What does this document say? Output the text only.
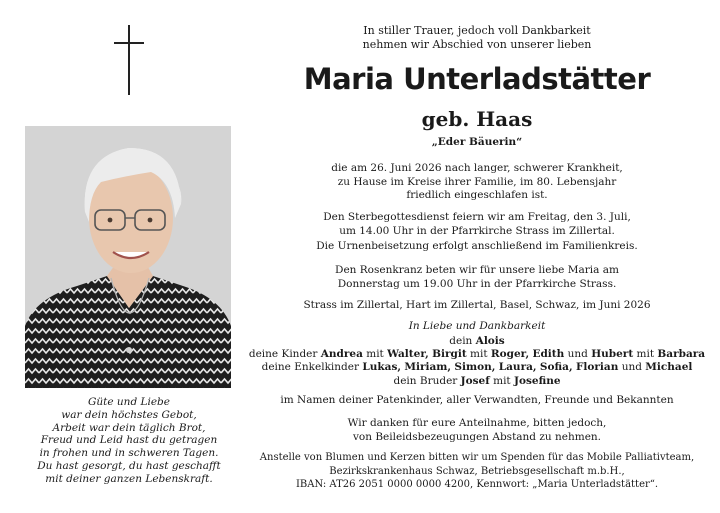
Güte und Liebe
war dein höchstes Gebot,
Arbeit war dein täglich Brot,
Freud und Leid hast du getragen
in frohen und in schweren Tagen.
Du hast gesorgt, du hast geschafft
mit deiner ganzen Lebenskraft.
In stiller Trauer, jedoch voll Dankbarkeit
nehmen wir Abschied von unserer lieben
Maria Unterladstätter
geb. Haas
„Eder Bäuerin“
die am 26. Juni 2026 nach langer, schwerer Krankheit,
zu Hause im Kreise ihrer Familie, im 80. Lebensjahr
friedlich eingeschlafen ist.
Den Sterbegottesdienst feiern wir am Freitag, den 3. Juli,
um 14.00 Uhr in der Pfarrkirche Strass im Zillertal.
Die Urnenbeisetzung erfolgt anschließend im Familienkreis.
Den Rosenkranz beten wir für unsere liebe Maria am
Donnerstag um 19.00 Uhr in der Pfarrkirche Strass.
Strass im Zillertal, Hart im Zillertal, Basel, Schwaz, im Juni 2026
In Liebe und Dankbarkeit
dein Alois
deine Kinder Andrea mit Walter, Birgit mit Roger, Edith und Hubert mit Barbara
deine Enkelkinder Lukas, Miriam, Simon, Laura, Sofia, Florian und Michael
dein Bruder Josef mit Josefine
im Namen deiner Patenkinder, aller Verwandten, Freunde und Bekannten
Wir danken für eure Anteilnahme, bitten jedoch,
von Beileidsbezeugungen Abstand zu nehmen.
Anstelle von Blumen und Kerzen bitten wir um Spenden für das Mobile Palliativteam,
Bezirkskrankenhaus Schwaz, Betriebsgesellschaft m.b.H.,
IBAN: AT26 2051 0000 0000 4200, Kennwort: „Maria Unterladstätter“.
